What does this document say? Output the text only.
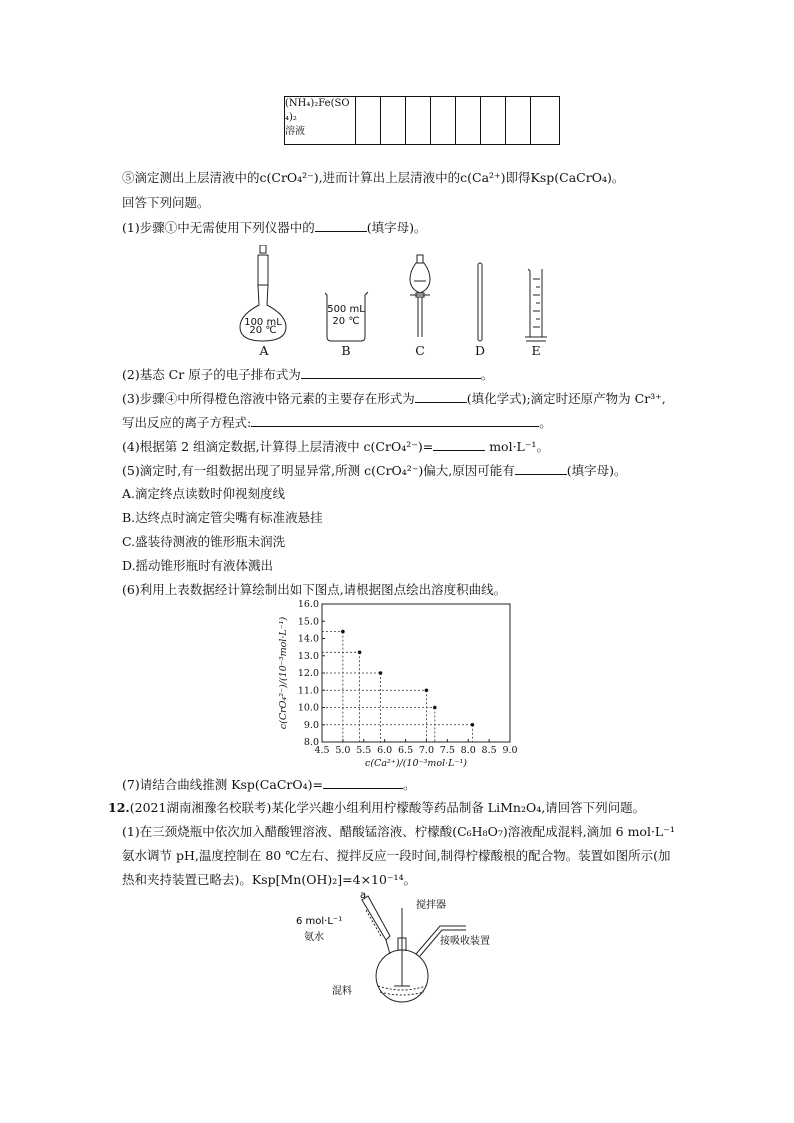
(NH₄)₂Fe(SO
₄)₂
溶液

⑤滴定测出上层清液中的c(CrO₄²⁻),进而计算出上层清液中的c(Ca²⁺)即得Ksp(CaCrO₄)。
回答下列问题。
(1)步骤①中无需使用下列仪器中的	(填字母)。
100 mL
20 ℃
500 mL
20 ℃
A	B	C	D	E
(2)基态 Cr 原子的电子排布式为	。
(3)步骤④中所得橙色溶液中铬元素的主要存在形式为	(填化学式);滴定时还原产物为 Cr³⁺,
写出反应的离子方程式:	。
(4)根据第 2 组滴定数据,计算得上层清液中 c(CrO₄²⁻)=	mol·L⁻¹。
(5)滴定时,有一组数据出现了明显异常,所测 c(CrO₄²⁻)偏大,原因可能有	(填字母)。
A.滴定终点读数时仰视刻度线
B.达终点时滴定管尖嘴有标准液悬挂
C.盛装待测液的锥形瓶未润洗
D.摇动锥形瓶时有液体溅出
(6)利用上表数据经计算绘制出如下图点,请根据图点绘出溶度积曲线。
4.5 5.0 5.5 6.0 6.5 7.0 7.5 8.0 8.5 9.0
8.0
9.0
10.0
11.0
12.0
13.0
14.0
15.0
16.0
c(Ca²⁺)/(10⁻³mol·L⁻¹)
c(CrO₄²⁻)/(10⁻³mol·L⁻¹)
(7)请结合曲线推测 Ksp(CaCrO₄)=	。
12.(2021湖南湘豫名校联考)某化学兴趣小组利用柠檬酸等药品制备 LiMn₂O₄,请回答下列问题。
(1)在三颈烧瓶中依次加入醋酸锂溶液、醋酸锰溶液、柠檬酸(C₆H₈O₇)溶液配成混料,滴加 6 mol·L⁻¹
氨水调节 pH,温度控制在 80 ℃左右、搅拌反应一段时间,制得柠檬酸根的配合物。装置如图所示(加
热和夹持装置已略去)。Ksp[Mn(OH)₂]=4×10⁻¹⁴。
a
搅拌器
6 mol·L⁻¹
氨水	接吸收装置
混料
